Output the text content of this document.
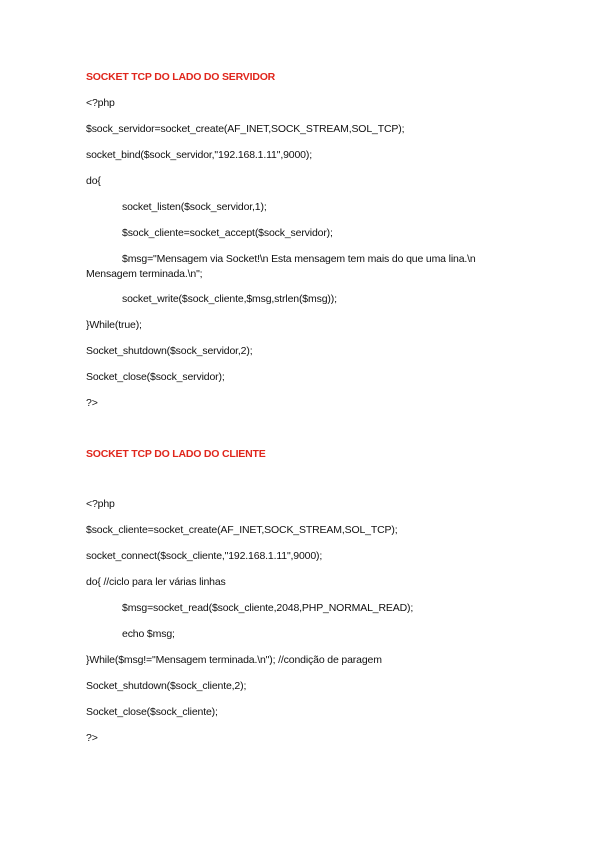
SOCKET TCP DO LADO DO SERVIDOR
<?php
$sock_servidor=socket_create(AF_INET,SOCK_STREAM,SOL_TCP);
socket_bind($sock_servidor,"192.168.1.11",9000);
do{
socket_listen($sock_servidor,1);
$sock_cliente=socket_accept($sock_servidor);
$msg="Mensagem via Socket!\n Esta mensagem tem mais do que uma lina.\n Mensagem terminada.\n";
socket_write($sock_cliente,$msg,strlen($msg));
}While(true);
Socket_shutdown($sock_servidor,2);
Socket_close($sock_servidor);
?>
SOCKET TCP DO LADO DO CLIENTE
<?php
$sock_cliente=socket_create(AF_INET,SOCK_STREAM,SOL_TCP);
socket_connect($sock_cliente,"192.168.1.11",9000);
do{ //ciclo para ler várias linhas
$msg=socket_read($sock_cliente,2048,PHP_NORMAL_READ);
echo $msg;
}While($msg!="Mensagem terminada.\n"); //condição de paragem
Socket_shutdown($sock_cliente,2);
Socket_close($sock_cliente);
?>
